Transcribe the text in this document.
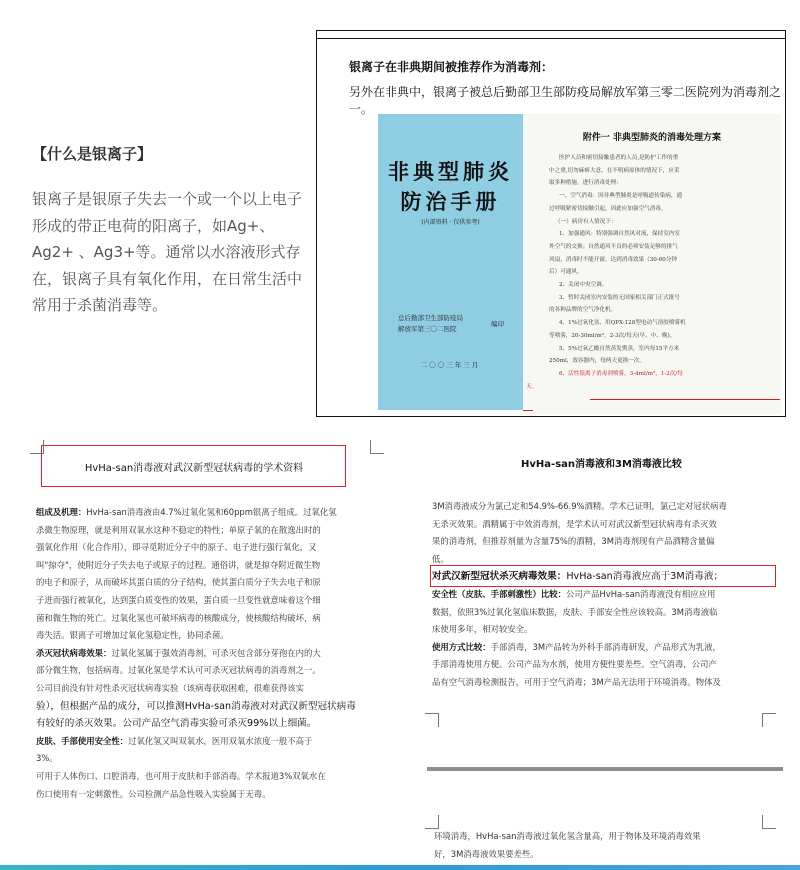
【什么是银离子】
银离子是银原子失去一个或一个以上电子形成的带正电荷的阳离子，如Ag+、Ag2+ 、Ag3+等。通常以水溶液形式存在，银离子具有氧化作用，在日常生活中常用于杀菌消毒等。
银离子在非典期间被推荐作为消毒剂：
另外在非典中，银离子被总后勤部卫生部防疫局解放军第三零二医院列为消毒剂之一。
非典型肺炎
防治手册
(内部资料 · 仅供参考)
总后勤部卫生部防疫局
解放军第三〇二医院
编印
二〇〇三年三月
附件一 非典型肺炎的消毒处理方案
医护人员和密切接触患者的人员,是防护工作的重
中之重,切勿麻痹大意。在不明病原体的情况下，应采
取多种措施，进行消毒处理：
一、空气消毒：因非典型肺炎是呼吸道传染病，通
过呼吸紧密切接触引起，因此应加强空气消毒。
（一）病房有人情况下：
1、加强通风：特别强调自然风对流，保持室内室
外空气的交换；自然通风不良的必须安装足够的排气
风扇，消毒时不能开窗，达到消毒效果（30-60分钟
后）可通风。
2、关闭中央空调。
3、暂时关闭室内安装的无国家相关部门正式批号
的各种品牌的空气净化机。
4、1%过氧化氢，用QPX-128型电动气溶胶喷雾机
等喷雾，20-30ml/m³，2-3次/每天(早、中、晚)。
5、5%过氧乙酸自然蒸发熏蒸，室内每15平方米
250ml，放容器内，每两天更换一次。
6、活性银离子消毒剂喷雾，3-4ml/m³，1-2次/每
天。
HvHa-san消毒液对武汉新型冠状病毒的学术资料
组成及机理：HvHa-san消毒液由4.7%过氧化氢和60ppm银离子组成。过氧化氢
杀微生物原理，就是利用双氧水这种不稳定的特性；单原子氧的在散逸出时的
强氧化作用（化合作用），即寻觅附近分子中的原子、电子进行强行氧化，又
叫"掠夺"，使附近分子失去电子或原子的过程。通俗讲，就是掠夺附近微生物
的电子和原子，从而破坏其蛋白质的分子结构，使其蛋白质分子失去电子和原
子进而强行被氧化，达到蛋白质变性的效果，蛋白质一旦变性就意味着这个细
菌和微生物的死亡。过氧化氢也可破坏病毒的核酸成分，使核酸结构破坏，病
毒失活。银离子可增加过氧化氢稳定性，协同杀菌。
杀灭冠状病毒效果：过氧化氢属于强效消毒剂，可杀灭包含部分芽孢在内的大
部分微生物，包括病毒。过氧化氢是学术认可可杀灭冠状病毒的消毒剂之一。
公司目前没有针对性杀灭冠状病毒实验（该病毒获取困难，很难获得该实
验），但根据产品的成分，可以推测HvHa-san消毒液对对武汉新型冠状病毒
有较好的杀灭效果。公司产品空气消毒实验可杀灭99%以上细菌。
皮肤、手部使用安全性：过氧化氢又叫双氧水，医用双氧水浓度一般不高于
3%。
可用于人体伤口、口腔消毒，也可用于皮肤和手部消毒。学术报道3%双氧水在
伤口使用有一定刺激性。公司检测产品急性吸入实验属于无毒。
HvHa-san消毒液和3M消毒液比较
3M消毒液成分为氯己定和54.9%-66.9%酒精。学术已证明，氯己定对冠状病毒
无杀灭效果。酒精属于中效消毒剂，是学术认可对武汉新型冠状病毒有杀灭效
果的消毒剂，但推荐剂量为含量75%的酒精，3M消毒剂现有产品酒精含量偏
低。
对武汉新型冠状杀灭病毒效果：HvHa-san消毒液应高于3M消毒液；
安全性（皮肤、手部刺激性）比较：公司产品HvHa-san消毒液没有相应应用
数据，依照3%过氧化氢临床数据，皮肤、手部安全性应该较高。3M消毒液临
床使用多年，相对较安全。
使用方式比较：手部消毒，3M产品转为外科手部消毒研发，产品形式为乳液，
手部消毒使用方便。公司产品为水剂，使用方便性要差些。空气消毒，公司产
品有空气消毒检测报告，可用于空气消毒；3M产品无法用于环境消毒。物体及
环境消毒，HvHa-san消毒液过氧化氢含量高，用于物体及环境消毒效果
好，3M消毒液效果要差些。
